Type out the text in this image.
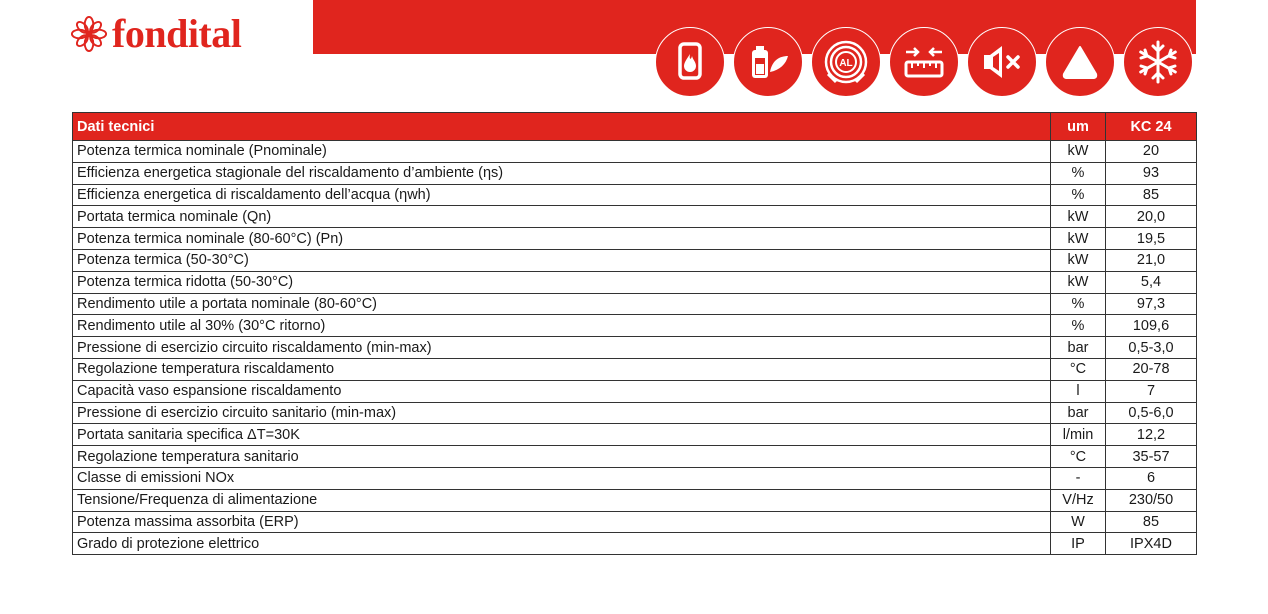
fondital
AL
Dati tecnici	um	KC 24
Potenza termica nominale (Pnominale)	kW	20
Efficienza energetica stagionale del riscaldamento d’ambiente (ηs)	%	93
Efficienza energetica di riscaldamento dell’acqua (ηwh)	%	85
Portata termica nominale (Qn)	kW	20,0
Potenza termica nominale (80-60°C) (Pn)	kW	19,5
Potenza termica (50-30°C)	kW	21,0
Potenza termica ridotta (50-30°C)	kW	5,4
Rendimento utile a portata nominale (80-60°C)	%	97,3
Rendimento utile al 30% (30°C ritorno)	%	109,6
Pressione di esercizio circuito riscaldamento (min-max)	bar	0,5-3,0
Regolazione temperatura riscaldamento	°C	20-78
Capacità vaso espansione riscaldamento	l	7
Pressione di esercizio circuito sanitario (min-max)	bar	0,5-6,0
Portata sanitaria specifica ΔT=30K	l/min	12,2
Regolazione temperatura sanitario	°C	35-57
Classe di emissioni NOx	-	6
Tensione/Frequenza di alimentazione	V/Hz	230/50
Potenza massima assorbita (ERP)	W	85
Grado di protezione elettrico	IP	IPX4D
